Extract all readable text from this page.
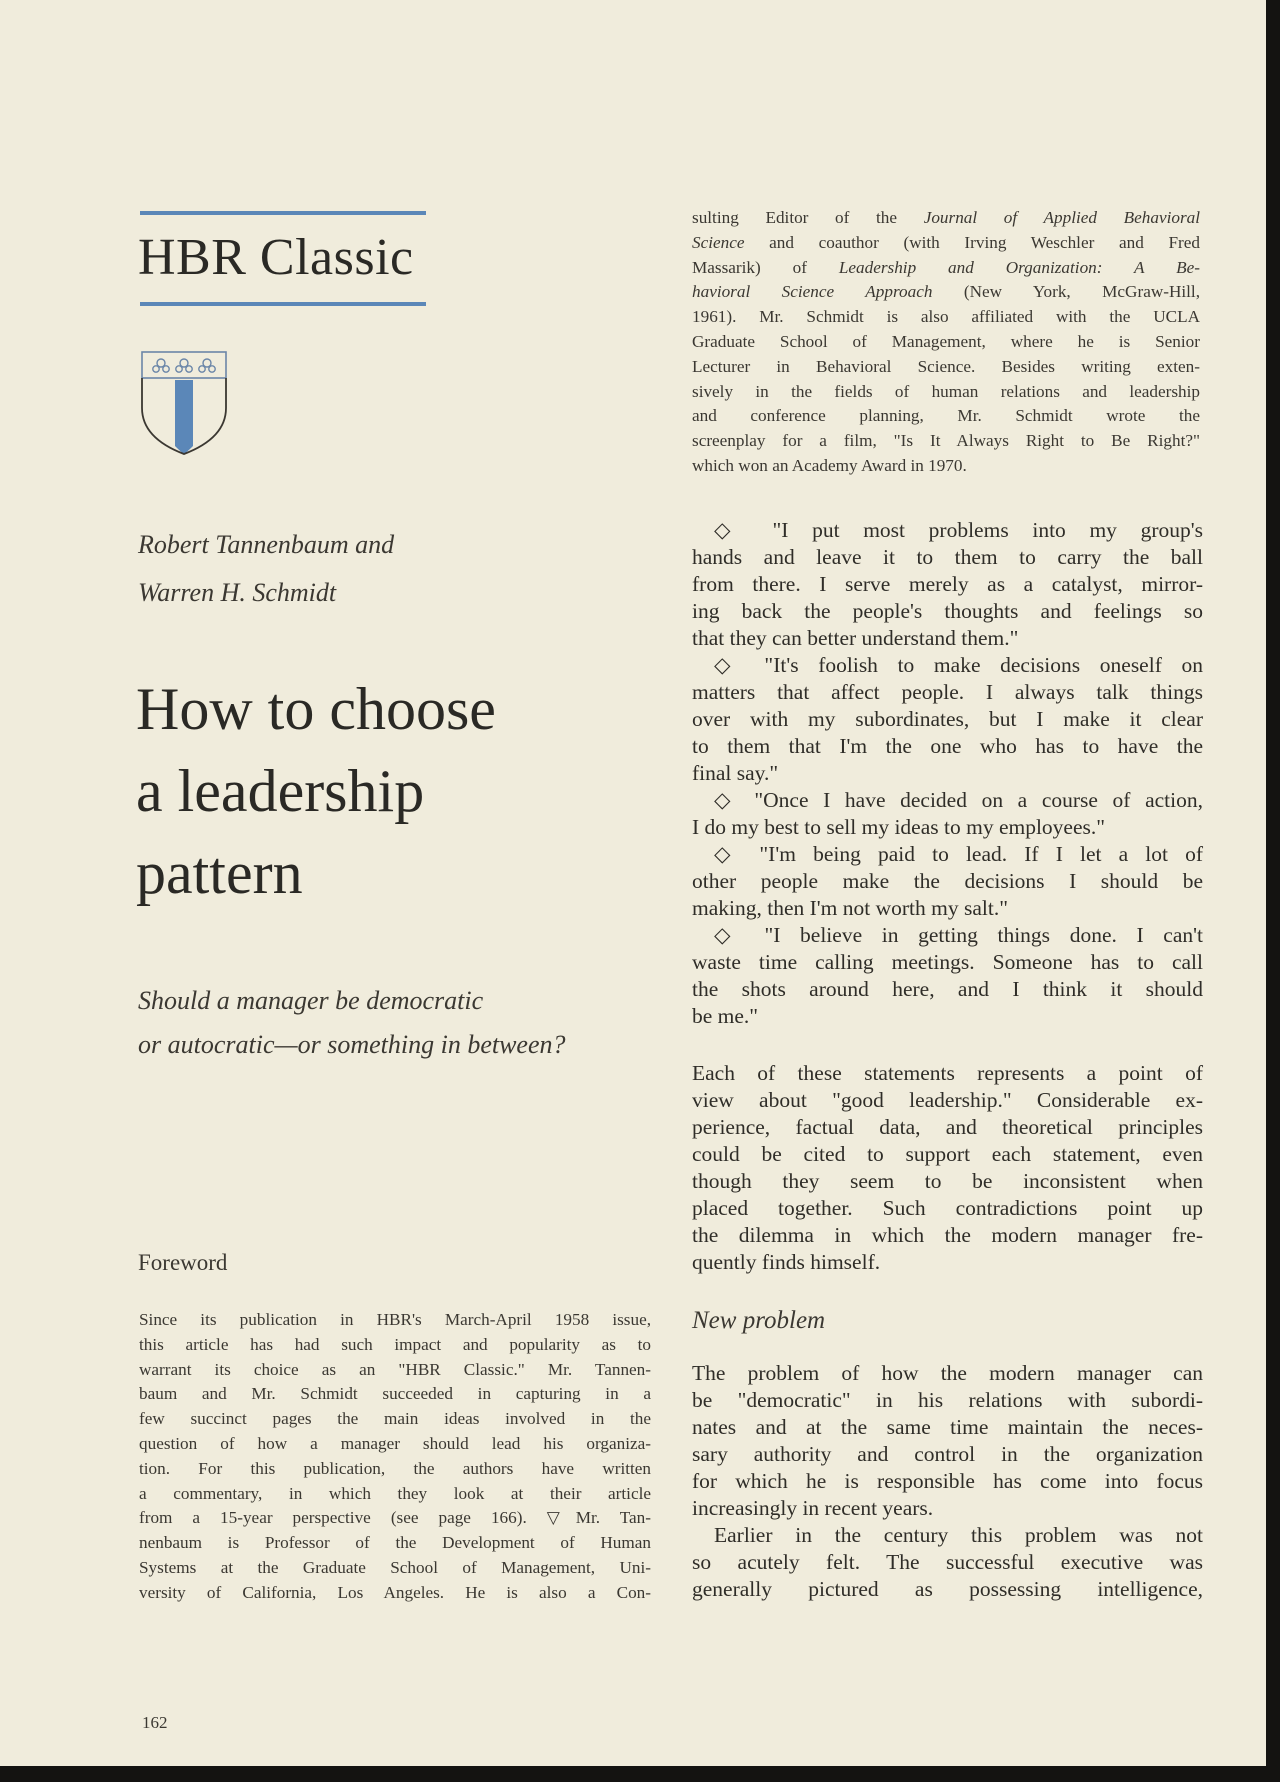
HBR Classic
Robert Tannenbaum and
Warren H. Schmidt
How to choose
a leadership
pattern
Should a manager be democratic
or autocratic—or something in between?
Foreword
Since its publication in HBR's March-April 1958 issue,
this article has had such impact and popularity as to
warrant its choice as an "HBR Classic." Mr. Tannen-
baum and Mr. Schmidt succeeded in capturing in a
few succinct pages the main ideas involved in the
question of how a manager should lead his organiza-
tion. For this publication, the authors have written
a commentary, in which they look at their article
from a 15-year perspective (see page 166). ▽Mr. Tan-
nenbaum is Professor of the Development of Human
Systems at the Graduate School of Management, Uni-
versity of California, Los Angeles. He is also a Con-
sulting Editor of the Journal of Applied Behavioral
Science and coauthor (with Irving Weschler and Fred
Massarik) of Leadership and Organization: A Be-
havioral Science Approach (New York, McGraw-Hill,
1961). Mr. Schmidt is also affiliated with the UCLA
Graduate School of Management, where he is Senior
Lecturer in Behavioral Science. Besides writing exten-
sively in the fields of human relations and leadership
and conference planning, Mr. Schmidt wrote the
screenplay for a film, "Is It Always Right to Be Right?"
which won an Academy Award in 1970.
◇ "I put most problems into my group's
hands and leave it to them to carry the ball
from there. I serve merely as a catalyst, mirror-
ing back the people's thoughts and feelings so
that they can better understand them."
◇ "It's foolish to make decisions oneself on
matters that affect people. I always talk things
over with my subordinates, but I make it clear
to them that I'm the one who has to have the
final say."
◇ "Once I have decided on a course of action,
I do my best to sell my ideas to my employees."
◇ "I'm being paid to lead. If I let a lot of
other people make the decisions I should be
making, then I'm not worth my salt."
◇ "I believe in getting things done. I can't
waste time calling meetings. Someone has to call
the shots around here, and I think it should
be me."
Each of these statements represents a point of
view about "good leadership." Considerable ex-
perience, factual data, and theoretical principles
could be cited to support each statement, even
though they seem to be inconsistent when
placed together. Such contradictions point up
the dilemma in which the modern manager fre-
quently finds himself.
New problem
The problem of how the modern manager can
be "democratic" in his relations with subordi-
nates and at the same time maintain the neces-
sary authority and control in the organization
for which he is responsible has come into focus
increasingly in recent years.
Earlier in the century this problem was not
so acutely felt. The successful executive was
generally pictured as possessing intelligence,
162
